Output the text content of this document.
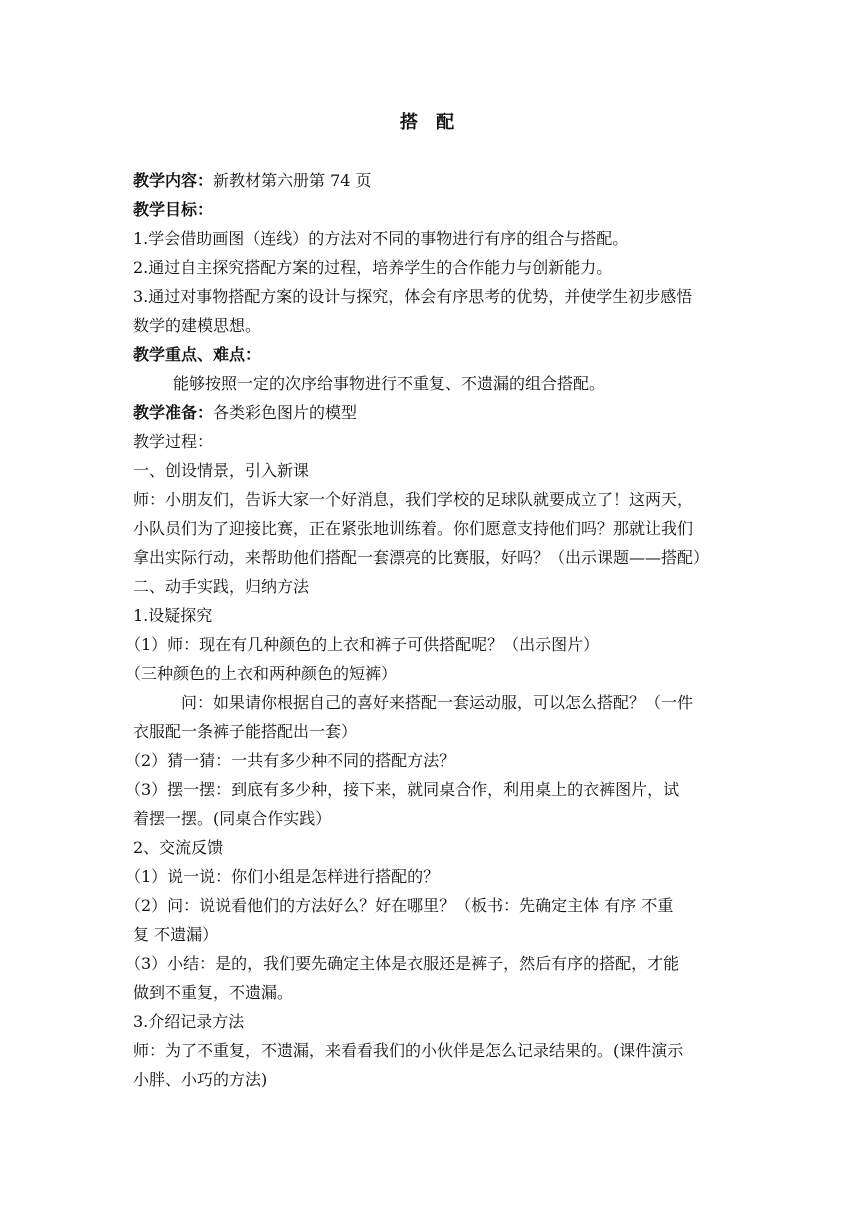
搭 配

教学内容：新教材第六册第 74 页

教学目标：

1.学会借助画图（连线）的方法对不同的事物进行有序的组合与搭配。

2.通过自主探究搭配方案的过程，培养学生的合作能力与创新能力。

3.通过对事物搭配方案的设计与探究，体会有序思考的优势，并使学生初步感悟

数学的建模思想。

教学重点、难点：

能够按照一定的次序给事物进行不重复、不遗漏的组合搭配。

教学准备：各类彩色图片的模型

教学过程：

一、创设情景，引入新课

师：小朋友们，告诉大家一个好消息，我们学校的足球队就要成立了！这两天，

小队员们为了迎接比赛，正在紧张地训练着。你们愿意支持他们吗？那就让我们

拿出实际行动，来帮助他们搭配一套漂亮的比赛服，好吗？（出示课题——搭配）

二、动手实践，归纳方法

1.设疑探究

（1）师：现在有几种颜色的上衣和裤子可供搭配呢？（出示图片）

（三种颜色的上衣和两种颜色的短裤）

问：如果请你根据自己的喜好来搭配一套运动服，可以怎么搭配？（一件

衣服配一条裤子能搭配出一套）

（2）猜一猜：一共有多少种不同的搭配方法？

（3）摆一摆：到底有多少种，接下来，就同桌合作，利用桌上的衣裤图片，试

着摆一摆。(同桌合作实践）

2、交流反馈

（1）说一说：你们小组是怎样进行搭配的？

（2）问：说说看他们的方法好么？好在哪里？（板书：先确定主体 有序 不重

复 不遗漏）

（3）小结：是的，我们要先确定主体是衣服还是裤子，然后有序的搭配，才能

做到不重复，不遗漏。

3.介绍记录方法

师：为了不重复，不遗漏，来看看我们的小伙伴是怎么记录结果的。(课件演示

小胖、小巧的方法)
